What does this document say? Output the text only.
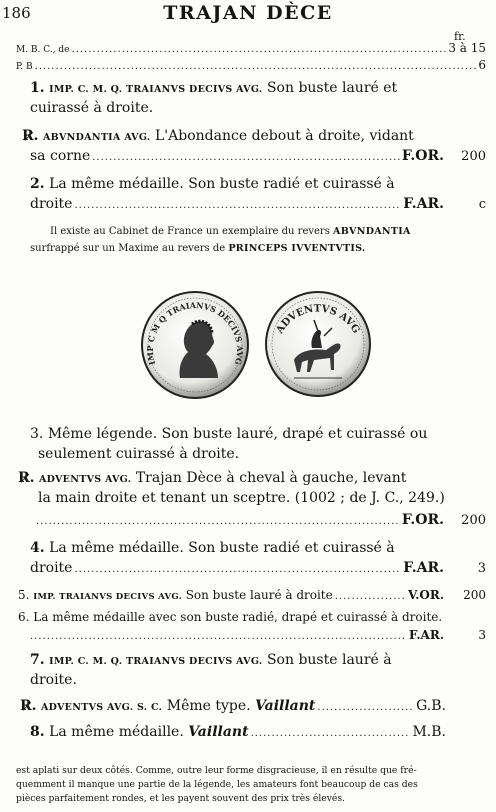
186	TRAJAN DÈCE
fr.
M. B. C., de .....	3 à 15
P. B .....	6
1. IMP. C. M. Q. TRAIANVS DECIVS AVG. Son buste lauré et
cuirassé à droite.
R̷. ABVNDANTIA AVG. L'Abondance debout à droite, vidant
sa corne .....	F.OR.	200
2. La même médaille. Son buste radié et cuirassé à
droite .....	F.AR.	c
Il existe au Cabinet de France un exemplaire du revers ABVNDANTIA
surfrappé sur un Maxime au revers de PRINCEPS IVVENTVTIS.
IMP C M Q TRAIANVS DECIVS AVG
ADVENTVS AVG
3. Même légende. Son buste lauré, drapé et cuirassé ou
seulement cuirassé à droite.
R̷. ADVENTVS AVG. Trajan Dèce à cheval à gauche, levant
la main droite et tenant un sceptre. (1002 ; de J. C., 249.)
.....
F.OR.	200
4. La même médaille. Son buste radié et cuirassé à
droite .....	F.AR.	3
5.
IMP. TRAIANVS DECIVS AVG.
Son buste lauré à droite .....	V.OR.	200
6. La même médaille avec son buste radié, drapé et cuirassé à droite.
.....
F.AR.	3
7. IMP. C. M. Q. TRAIANVS DECIVS AVG. Son buste lauré à
droite.
R̷.
ADVENTVS AVG. S. C.
Même type.
Vaillant .....	G.B.
8.
La même médaille.
Vaillant .....	M.B.
est aplati sur deux côtés. Comme, outre leur forme disgracieuse, il en résulte que fré-
quemment il manque une partie de la légende, les amateurs font beaucoup de cas des
pièces parfaitement rondes, et les payent souvent des prix très élevés.
